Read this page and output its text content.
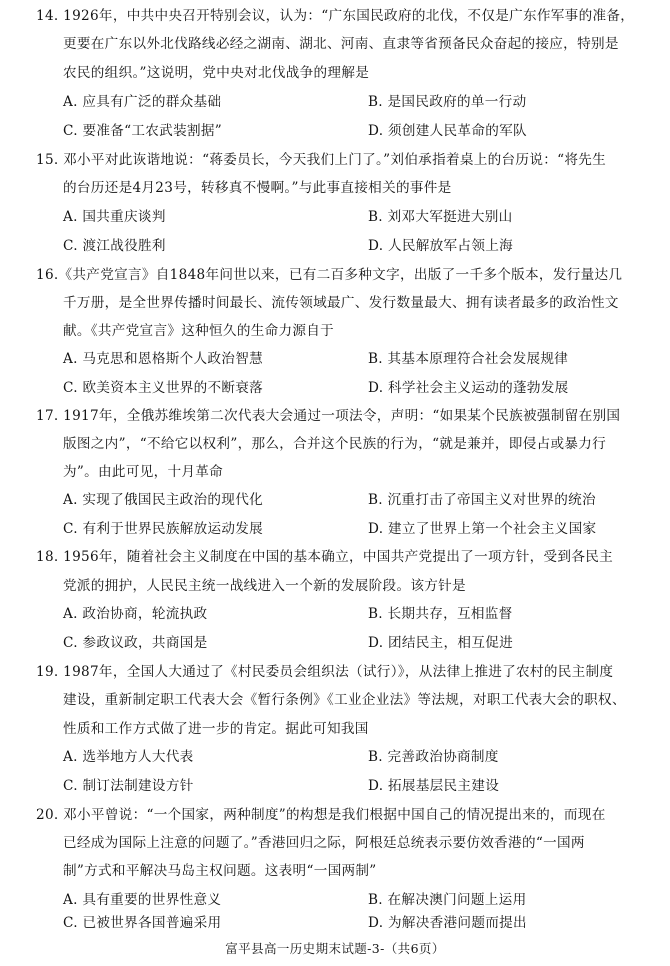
14. 1926年，中共中央召开特别会议，认为：“广东国民政府的北伐，不仅是广东作军事的准备，
更要在广东以外北伐路线必经之湖南、湖北、河南、直隶等省预备民众奋起的接应，特别是
农民的组织。”这说明，党中央对北伐战争的理解是
A. 应具有广泛的群众基础	B. 是国民政府的单一行动
C. 要准备“工农武装割据”	D. 须创建人民革命的军队
15. 邓小平对此诙谐地说：“蒋委员长，今天我们上门了。”刘伯承指着桌上的台历说：“将先生
的台历还是4月23号，转移真不慢啊。”与此事直接相关的事件是
A. 国共重庆谈判	B. 刘邓大军挺进大别山
C. 渡江战役胜利	D. 人民解放军占领上海
16.《共产党宣言》自1848年问世以来，已有二百多种文字，出版了一千多个版本，发行量达几
千万册，是全世界传播时间最长、流传领域最广、发行数量最大、拥有读者最多的政治性文
献。《共产党宣言》这种恒久的生命力源自于
A. 马克思和恩格斯个人政治智慧	B. 其基本原理符合社会发展规律
C. 欧美资本主义世界的不断衰落	D. 科学社会主义运动的蓬勃发展
17. 1917年，全俄苏维埃第二次代表大会通过一项法令，声明：“如果某个民族被强制留在别国
版图之内”，“不给它以权利”，那么，合并这个民族的行为，“就是兼并，即侵占或暴力行
为”。由此可见，十月革命
A. 实现了俄国民主政治的现代化	B. 沉重打击了帝国主义对世界的统治
C. 有利于世界民族解放运动发展	D. 建立了世界上第一个社会主义国家
18. 1956年，随着社会主义制度在中国的基本确立，中国共产党提出了一项方针，受到各民主
党派的拥护，人民民主统一战线进入一个新的发展阶段。该方针是
A. 政治协商，轮流执政	B. 长期共存，互相监督
C. 参政议政，共商国是	D. 团结民主，相互促进
19. 1987年，全国人大通过了《村民委员会组织法（试行）》，从法律上推进了农村的民主制度
建设，重新制定职工代表大会《暂行条例》《工业企业法》等法规，对职工代表大会的职权、
性质和工作方式做了进一步的肯定。据此可知我国
A. 选举地方人大代表	B. 完善政治协商制度
C. 制订法制建设方针	D. 拓展基层民主建设
20. 邓小平曾说：“一个国家，两种制度”的构想是我们根据中国自己的情况提出来的，而现在
已经成为国际上注意的问题了。”香港回归之际，阿根廷总统表示要仿效香港的“一国两
制”方式和平解决马岛主权问题。这表明“一国两制”
A. 具有重要的世界性意义	B. 在解决澳门问题上运用
C. 已被世界各国普遍采用	D. 为解决香港问题而提出
富平县高一历史期末试题-3-（共6页）
